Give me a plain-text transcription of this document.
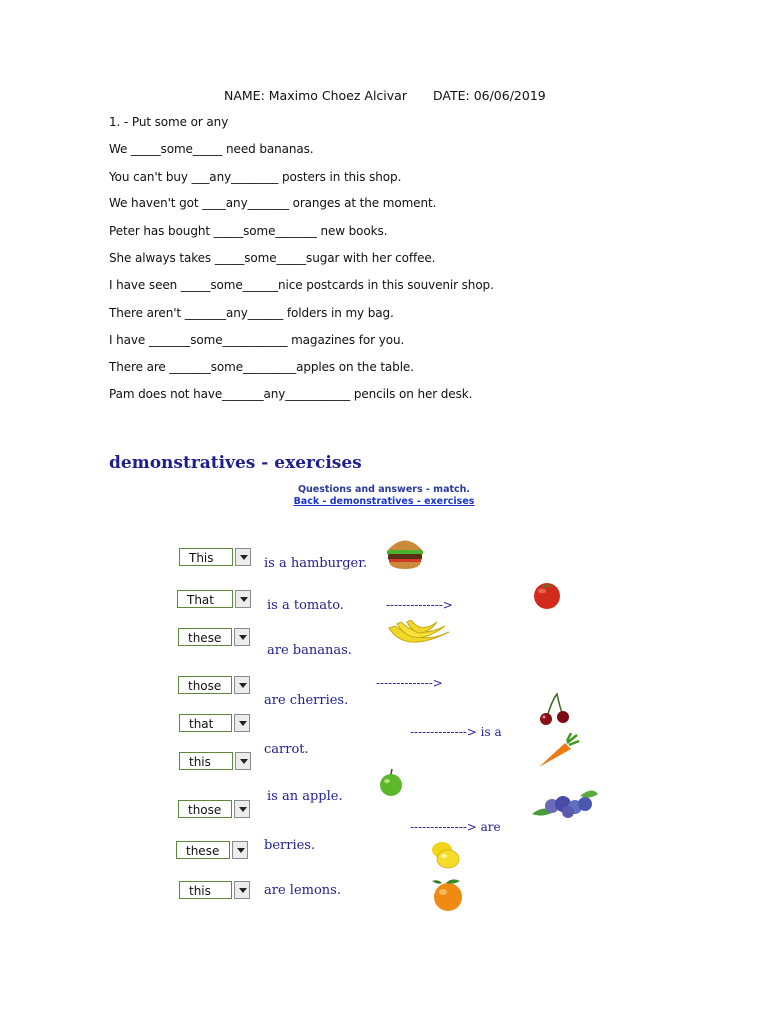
NAME: Maximo Choez Alcivar DATE: 06/06/2019
1. - Put some or any
We _____some_____ need bananas.
You can't buy ___any________ posters in this shop.
We haven't got ____any_______ oranges at the moment.
Peter has bought _____some_______ new books.
She always takes _____some_____sugar with her coffee.
I have seen _____some______nice postcards in this souvenir shop.
There aren't _______any______ folders in my bag.
I have _______some___________ magazines for you.
There are _______some_________apples on the table.
Pam does not have_______any___________ pencils on her desk.
demonstratives - exercises
Questions and answers - match.
Back - demonstratives - exercises
This
That
these
those
that
this
those
these
this
is a hamburger.
is a tomato.
are bananas.
are cherries.
carrot.
is an apple.
berries.
are lemons.
-------------->
-------------->
--------------> is a
--------------> are
